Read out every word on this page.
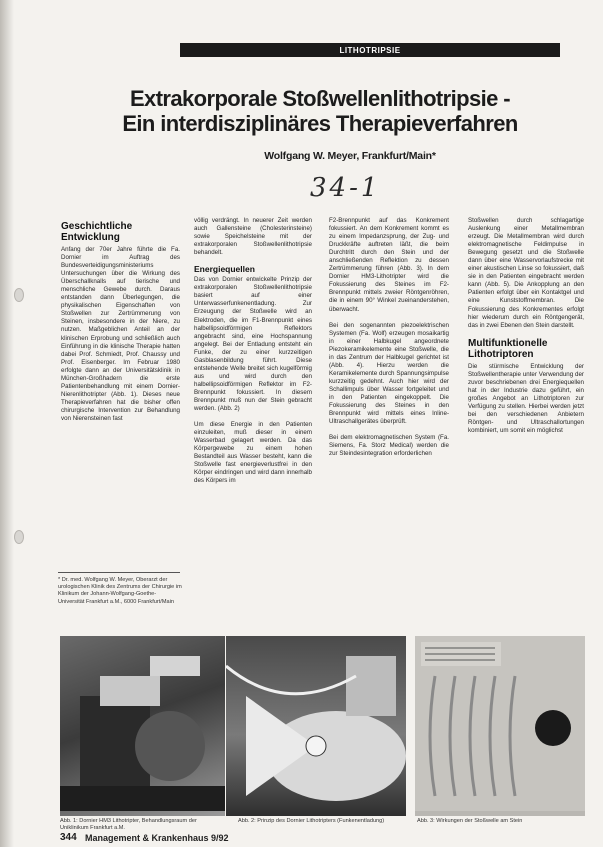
LITHOTRIPSIE
Extrakorporale Stoßwellenlithotripsie -
Ein interdisziplinäres Therapieverfahren
Wolfgang W. Meyer, Frankfurt/Main*
34-1
Geschichtliche Entwicklung

Anfang der 70er Jahre führte die Fa. Dornier im Auftrag des Bundesverteidigungsministeriums Untersuchungen über die Wirkung des Überschallknalls auf tierische und menschliche Gewebe durch. Daraus entstanden dann Überlegungen, die physikalischen Eigenschaften von Stoßwellen zur Zertrümmerung von Steinen, insbesondere in der Niere, zu nutzen. Maßgeblichen Anteil an der klinischen Erprobung und schließlich auch Einführung in die klinische Therapie hatten dabei Prof. Schmiedt, Prof. Chaussy und Prof. Eisenberger. Im Februar 1980 erfolgte dann an der Universitätsklinik in München-Großhadern die erste Patientenbehandlung mit einem Dornier-Nierenlithotripter (Abb. 1). Dieses neue Therapieverfahren hat die bisher offen chirurgische Intervention zur Behandlung von Nierensteinen fast

* Dr. med. Wolfgang W. Meyer, Oberarzt der urologischen Klinik des Zentrums der Chirurgie im Klinikum der Johann-Wolfgang-Goethe-Universität Frankfurt a.M., 6000 Frankfurt/Main

völlig verdrängt. In neuerer Zeit werden auch Gallensteine (Cholesterinsteine) sowie Speichelsteine mit der extrakorporalen Stoßwellenlithotripsie behandelt.

Energiequellen

Das von Dornier entwickelte Prinzip der extrakorporalen Stoßwellenlithotripsie basiert auf einer Unterwasserfunkenentladung. Zur Erzeugung der Stoßwelle wird an Elektroden, die im F1-Brennpunkt eines halbellipsoidförmigen Reflektors angebracht sind, eine Hochspannung angelegt. Bei der Entladung entsteht ein Funke, der zu einer kurzzeitigen Gasblasenbildung führt. Diese entstehende Welle breitet sich kugelförmig aus und wird durch den halbellipsoidförmigen Reflektor im F2-Brennpunkt fokussiert. In diesem Brennpunkt muß nun der Stein gebracht werden. (Abb. 2)

Um diese Energie in den Patienten einzuleiten, muß dieser in einem Wasserbad gelagert werden. Da das Körpergewebe zu einem hohen Bestandteil aus Wasser besteht, kann die Stoßwelle fast energieverlustfrei in den Körper eindringen und wird dann innerhalb des Körpers im

F2-Brennpunkt auf das Konkrement fokussiert. An dem Konkrement kommt es zu einem Impedanzsprung, der Zug- und Druckkräfte auftreten läßt, die beim Durchtritt durch den Stein und der anschließenden Reflektion zu dessen Zertrümmerung führen (Abb. 3). In dem Dornier HM3-Lithotripter wird die Fokussierung des Steines im F2-Brennpunkt mittels zweier Röntgenröhren, die in einem 90° Winkel zueinanderstehen, überwacht.

Bei den sogenannten piezoelektrischen Systemen (Fa. Wolf) erzeugen mosaikartig in einer Halbkugel angeordnete Piezokeramikelemente eine Stoßwelle, die in das Zentrum der Halbkugel gerichtet ist (Abb. 4). Hierzu werden die Keramikelemente durch Spannungsimpulse kurzzeitig gedehnt. Auch hier wird der Schallimpuls über Wasser fortgeleitet und in den Patienten eingekoppelt. Die Fokussierung des Steines in den Brennpunkt wird mittels eines Inline-Ultraschallgerätes überprüft.

Bei dem elektromagnetischen System (Fa. Siemens, Fa. Storz Medical) werden die zur Steindesintegration erforderlichen

Stoßwellen durch schlagartige Auslenkung einer Metallmembran erzeugt. Die Metallmembran wird durch elektromagnetische Feldimpulse in Bewegung gesetzt und die Stoßwelle dann über eine Wasservorlaufstrecke mit einer akustischen Linse so fokussiert, daß sie in den Patienten eingebracht werden kann (Abb. 5). Die Ankopplung an den Patienten erfolgt über ein Kontaktgel und eine Kunststoffmembran. Die Fokussierung des Konkrementes erfolgt hier wiederum durch ein Röntgengerät, das in zwei Ebenen den Stein darstellt.

Multifunktionelle Lithotriptoren

Die stürmische Entwicklung der Stoßwellentherapie unter Verwendung der zuvor beschriebenen drei Energiequellen hat in der Industrie dazu geführt, ein großes Angebot an Lithotriptoren zur Verfügung zu stellen. Hierbei werden jetzt bei den verschiedenen Anbietern Röntgen- und Ultraschallortungen kombiniert, um somit ein möglichst

344 Management & Krankenhaus 9/92
Abb. 1: Dornier HM3 Lithotripter, Behandlungsraum der Uniklinikum Frankfurt a.M.
Abb. 2: Prinzip des Dornier Lithotripters (Funkenentladung)	Abb. 3: Wirkungen der Stoßwelle am Stein
